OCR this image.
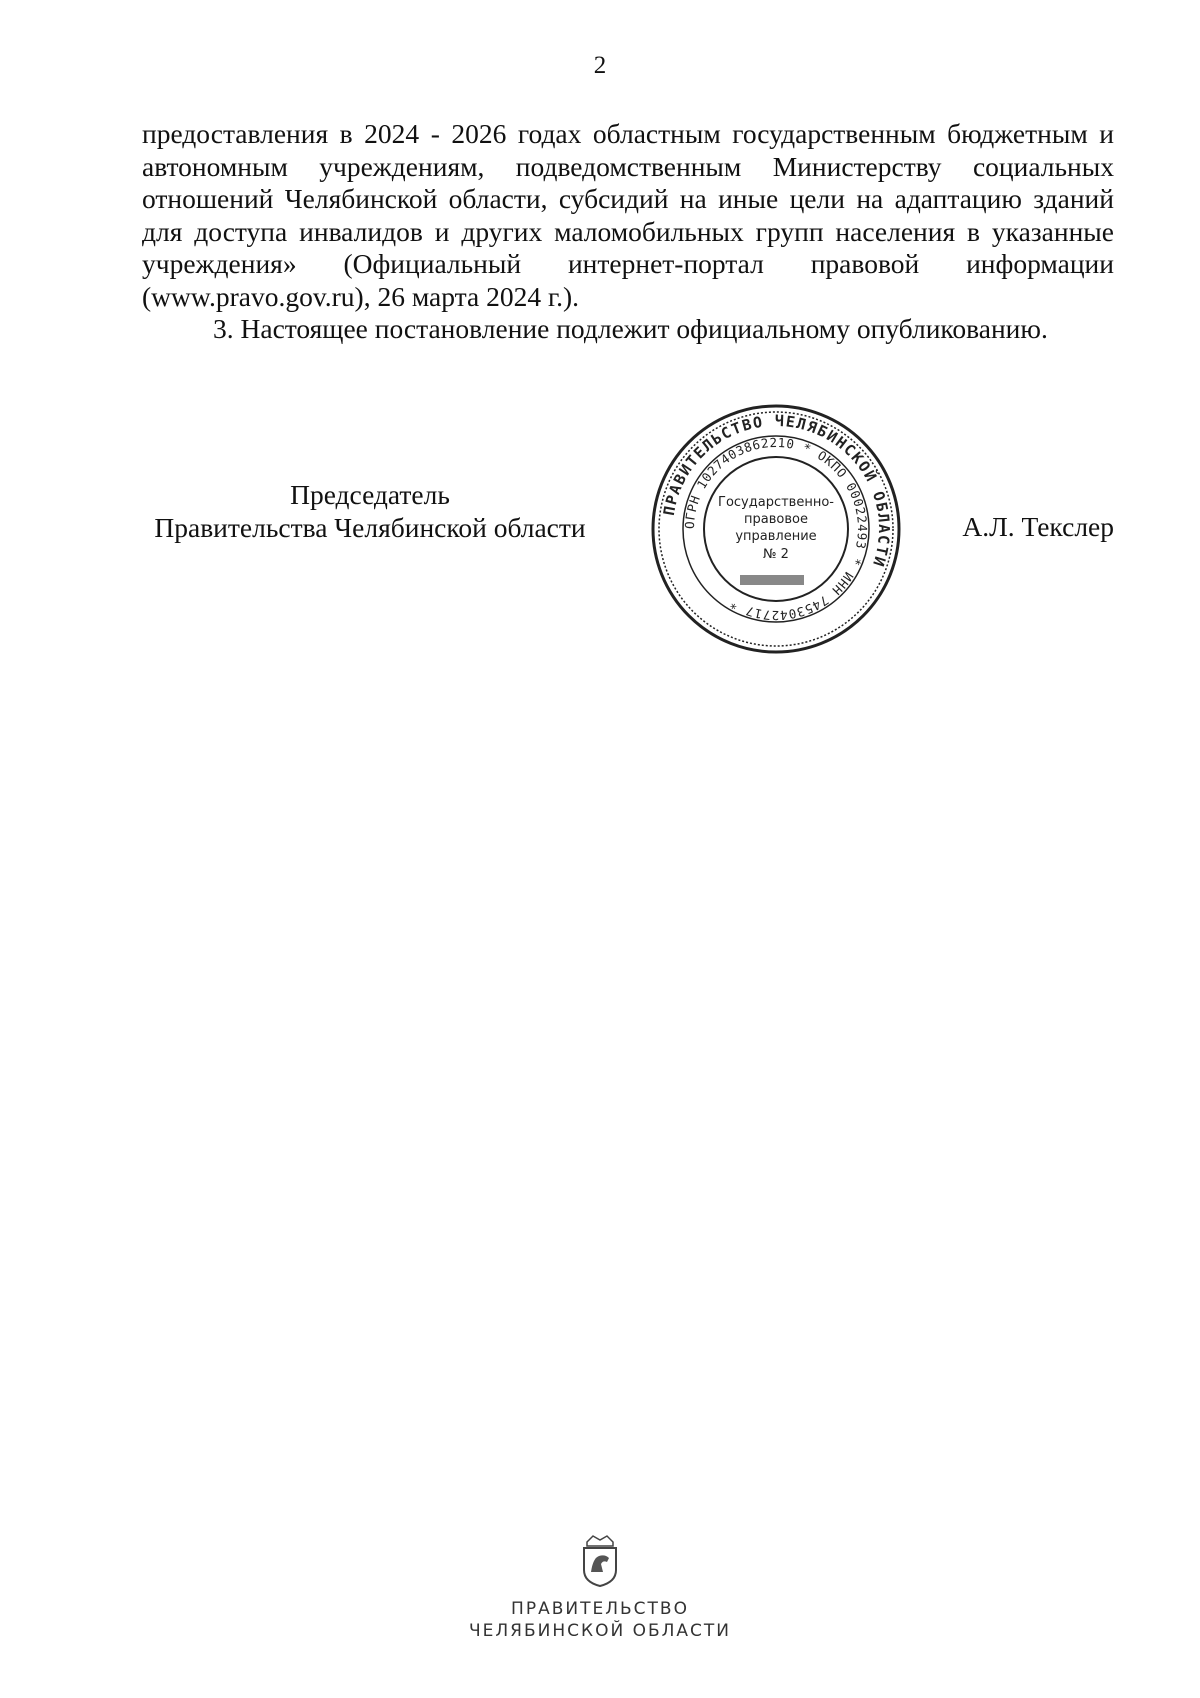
2

предоставления в 2024 - 2026 годах областным государственным бюджетным и

автономным учреждениям, подведомственным Министерству социальных

отношений Челябинской области, субсидий на иные цели на адаптацию зданий

для доступа инвалидов и других маломобильных групп населения в указанные

учреждения» (Официальный интернет-портал правовой информации

(www.pravo.gov.ru), 26 марта 2024 г.).

3. Настоящее постановление подлежит официальному опубликованию.

Председатель
Правительства Челябинской области	А.Л. Текслер
ПРАВИТЕЛЬСТВО ЧЕЛЯБИНСКОЙ ОБЛАСТИ
ОГРН 1027403862210 * ОКПО 00022493 * ИНН 7453042717 *
Государственно-
правовое
управление
№ 2
ПРАВИТЕЛЬСТВО
ЧЕЛЯБИНСКОЙ ОБЛАСТИ
